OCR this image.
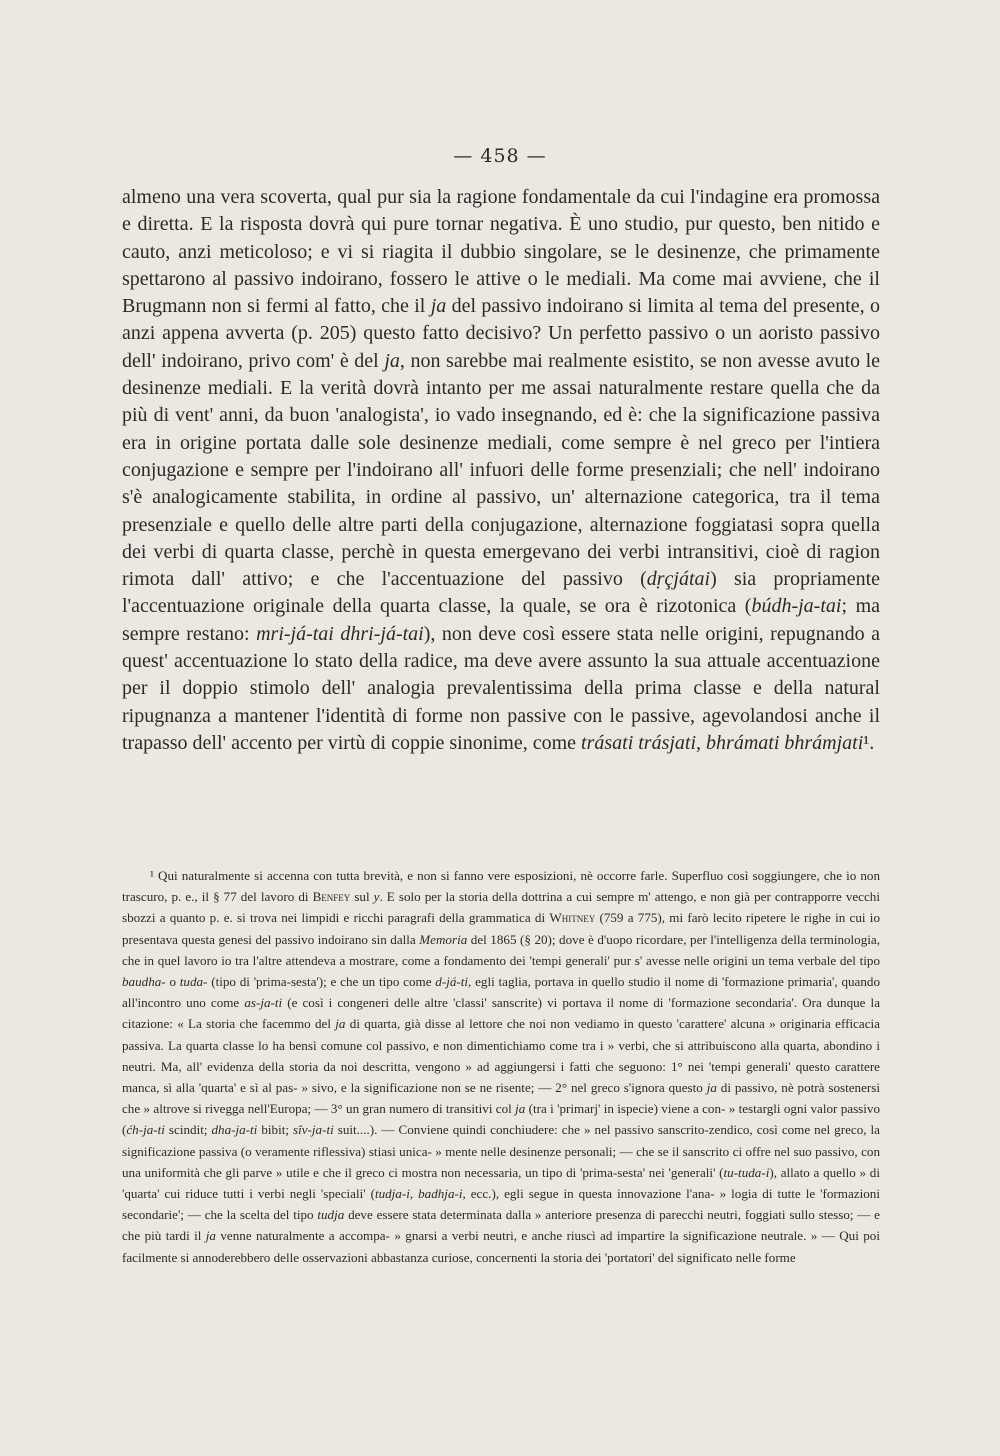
— 458 —

almeno una vera scoverta, qual pur sia la ragione fondamentale da cui l'indagine era promossa e diretta. E la risposta dovrà qui pure tornar negativa. È uno studio, pur questo, ben nitido e cauto, anzi meticoloso; e vi si riagita il dubbio singolare, se le desinenze, che primamente spettarono al passivo indoirano, fossero le attive o le mediali. Ma come mai avviene, che il Brugmann non si fermi al fatto, che il ja del passivo indoirano si limita al tema del presente, o anzi appena avverta (p. 205) questo fatto decisivo? Un perfetto passivo o un aoristo passivo dell' indoirano, privo com' è del ja, non sarebbe mai realmente esistito, se non avesse avuto le desinenze mediali. E la verità dovrà intanto per me assai naturalmente restare quella che da più di vent' anni, da buon 'analogista', io vado insegnando, ed è: che la significazione passiva era in origine portata dalle sole desinenze mediali, come sempre è nel greco per l'intiera conjugazione e sempre per l'indoirano all' infuori delle forme presenziali; che nell' indoirano s'è analogicamente stabilita, in ordine al passivo, un' alternazione categorica, tra il tema presenziale e quello delle altre parti della conjugazione, alternazione foggiatasi sopra quella dei verbi di quarta classe, perchè in questa emergevano dei verbi intransitivi, cioè di ragion rimota dall' attivo; e che l'accentuazione del passivo (dṛçjátai) sia propriamente l'accentuazione originale della quarta classe, la quale, se ora è rizotonica (búdh-ja-tai; ma sempre restano: mri-já-tai dhri-já-tai), non deve così essere stata nelle origini, repugnando a quest' accentuazione lo stato della radice, ma deve avere assunto la sua attuale accentuazione per il doppio stimolo dell' analogia prevalentissima della prima classe e della natural ripugnanza a mantener l'identità di forme non passive con le passive, agevolandosi anche il trapasso dell' accento per virtù di coppie sinonime, come trásati trásjati, bhrámati bhrámjati¹.

¹ Qui naturalmente si accenna con tutta brevità, e non si fanno vere esposizioni, nè occorre farle. Superfluo così soggiungere, che io non trascuro, p. e., il § 77 del lavoro di Benfey sul y. E solo per la storia della dottrina a cui sempre m' attengo, e non già per contrapporre vecchi sbozzi a quanto p. e. si trova nei limpidi e ricchi paragrafi della grammatica di Whitney (759 a 775), mi farò lecito ripetere le righe in cui io presentava questa genesi del passivo indoirano sin dalla Memoria del 1865 (§ 20); dove è d'uopo ricordare, per l'intelligenza della terminologia, che in quel lavoro io tra l'altre attendeva a mostrare, come a fondamento dei 'tempi generali' pur s' avesse nelle origini un tema verbale del tipo baudha- o tuda- (tipo di 'prima-sesta'); e che un tipo come d-já-ti, egli taglia, portava in quello studio il nome di 'formazione primaria', quando all'incontro uno come as-ja-ti (e così i congeneri delle altre 'classi' sanscrite) vi portava il nome di 'formazione secondaria'. Ora dunque la citazione: « La storia che facemmo del ja di quarta, già disse al lettore che noi non vediamo in questo 'carattere' alcuna » originaria efficacia passiva. La quarta classe lo ha bensì comune col passivo, e non dimentichiamo come tra i » verbi, che si attribuiscono alla quarta, abondino i neutri. Ma, all' evidenza della storia da noi descritta, vengono » ad aggiungersi i fatti che seguono: 1° nei 'tempi generali' questo carattere manca, sì alla 'quarta' e sì al pas- » sivo, e la significazione non se ne risente; — 2° nel greco s'ignora questo ja di passivo, nè potrà sostenersi che » altrove si rivegga nell'Europa; — 3° un gran numero di transitivi col ja (tra i 'primarj' in ispecie) viene a con- » testargli ogni valor passivo (ćh-ja-ti scindit; dha-ja-ti bibit; sîv-ja-ti suit....). — Conviene quindi conchiudere: che » nel passivo sanscrito-zendico, così come nel greco, la significazione passiva (o veramente riflessiva) stiasi unica- » mente nelle desinenze personali; — che se il sanscrito ci offre nel suo passivo, con una uniformità che gli parve » utile e che il greco ci mostra non necessaria, un tipo di 'prima-sesta' nei 'generali' (tu-tuda-i), allato a quello » di 'quarta' cui riduce tutti i verbi negli 'speciali' (tudja-i, badhja-i, ecc.), egli segue in questa innovazione l'ana- » logia di tutte le 'formazioni secondarie'; — che la scelta del tipo tudja deve essere stata determinata dalla » anteriore presenza di parecchi neutri, foggiati sullo stesso; — e che più tardi il ja venne naturalmente a accompa- » gnarsi a verbi neutri, e anche riuscì ad impartire la significazione neutrale. » — Qui poi facilmente si annoderebbero delle osservazioni abbastanza curiose, concernenti la storia dei 'portatori' del significato nelle forme
